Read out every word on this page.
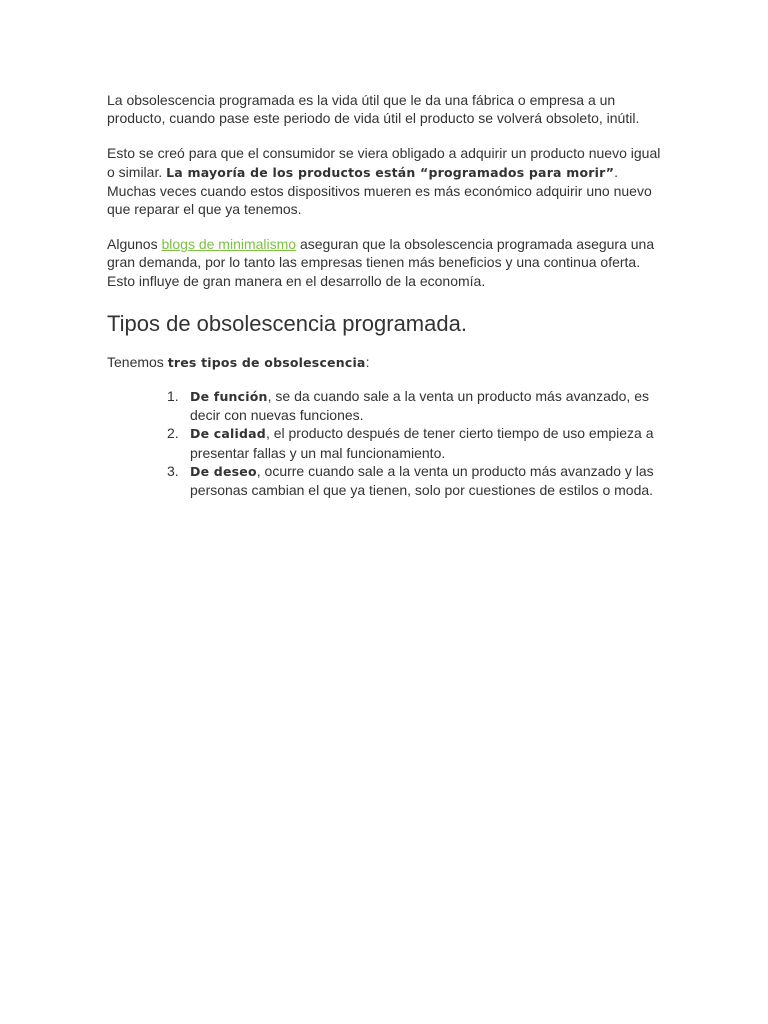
La obsolescencia programada es la vida útil que le da una fábrica o empresa a un producto, cuando pase este periodo de vida útil el producto se volverá obsoleto, inútil.

Esto se creó para que el consumidor se viera obligado a adquirir un producto nuevo igual o similar. La mayoría de los productos están “programados para morir”. Muchas veces cuando estos dispositivos mueren es más económico adquirir uno nuevo que reparar el que ya tenemos.

Algunos blogs de minimalismo aseguran que la obsolescencia programada asegura una gran demanda, por lo tanto las empresas tienen más beneficios y una continua oferta. Esto influye de gran manera en el desarrollo de la economía.

Tipos de obsolescencia programada.

Tenemos tres tipos de obsolescencia:

1. De función, se da cuando sale a la venta un producto más avanzado, es decir con nuevas funciones.
2. De calidad, el producto después de tener cierto tiempo de uso empieza a presentar fallas y un mal funcionamiento.
3. De deseo, ocurre cuando sale a la venta un producto más avanzado y las personas cambian el que ya tienen, solo por cuestiones de estilos o moda.
